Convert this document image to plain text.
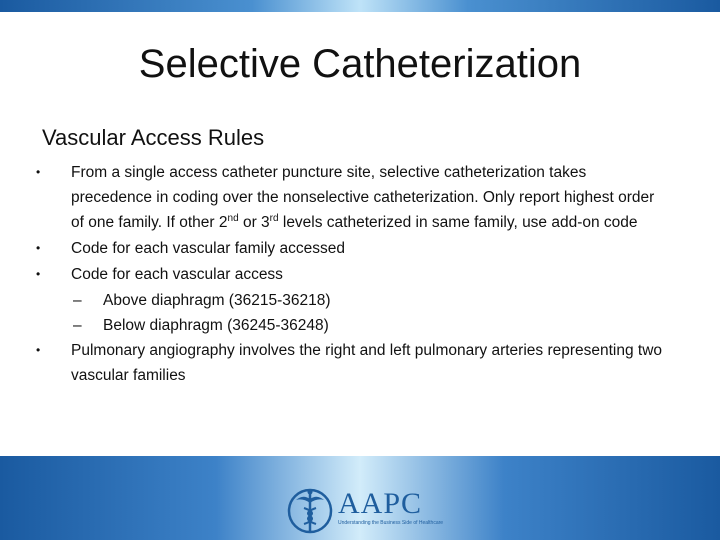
Selective Catheterization
Vascular Access Rules
• From a single access catheter puncture site, selective catheterization takes precedence in coding over the nonselective catheterization. Only report highest order of one family. If other 2nd or 3rd levels catheterized in same family, use add-on code
• Code for each vascular family accessed
• Code for each vascular access
– Above diaphragm (36215-36218)
– Below diaphragm (36245-36248)
• Pulmonary angiography involves the right and left pulmonary arteries representing two vascular families
AAPC
Understanding the Business Side of Healthcare
